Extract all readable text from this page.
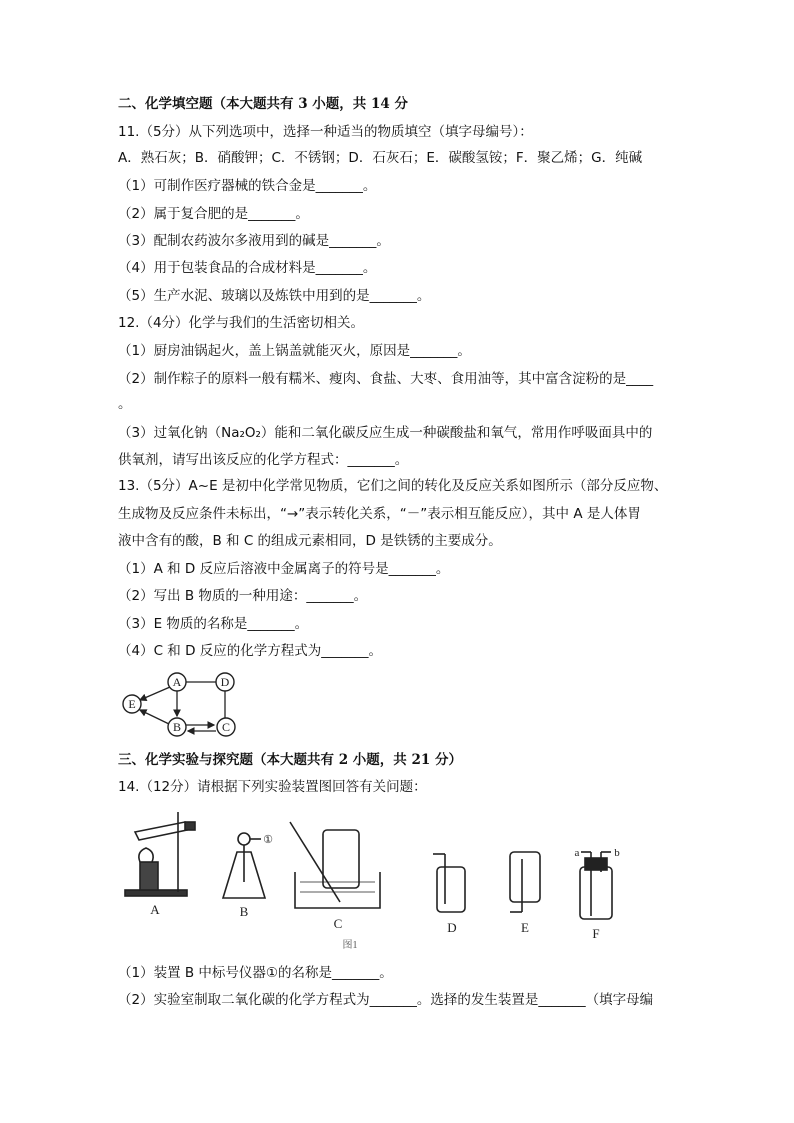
二、化学填空题（本大题共有 3 小题，共 14 分
11.（5分）从下列选项中，选择一种适当的物质填空（填字母编号）：
A．熟石灰；B．硝酸钾；C．不锈钢；D．石灰石；E．碳酸氢铵；F．聚乙烯；G．纯碱
（1）可制作医疗器械的铁合金是_______。
（2）属于复合肥的是_______。
（3）配制农药波尔多液用到的碱是_______。
（4）用于包装食品的合成材料是_______。
（5）生产水泥、玻璃以及炼铁中用到的是_______。
12.（4分）化学与我们的生活密切相关。
（1）厨房油锅起火，盖上锅盖就能灭火，原因是_______。
（2）制作粽子的原料一般有糯米、瘦肉、食盐、大枣、食用油等，其中富含淀粉的是____
。
（3）过氧化钠（Na₂O₂）能和二氧化碳反应生成一种碳酸盐和氧气，常用作呼吸面具中的
供氧剂，请写出该反应的化学方程式：_______。
13.（5分）A~E 是初中化学常见物质，它们之间的转化及反应关系如图所示（部分反应物、
生成物及反应条件未标出，“→”表示转化关系，“－”表示相互能反应），其中 A 是人体胃
液中含有的酸，B 和 C 的组成元素相同，D 是铁锈的主要成分。
（1）A 和 D 反应后溶液中金属离子的符号是_______。
（2）写出 B 物质的一种用途：_______。
（3）E 物质的名称是_______。
（4）C 和 D 反应的化学方程式为_______。
A	D
E
B	C
三、化学实验与探究题（本大题共有 2 小题，共 21 分）
14.（12分）请根据下列实验装置图回答有关问题：
A	B
C	D	E	F
①
a	b
图1
（1）装置 B 中标号仪器①的名称是_______。
（2）实验室制取二氧化碳的化学方程式为_______。选择的发生装置是_______（填字母编
